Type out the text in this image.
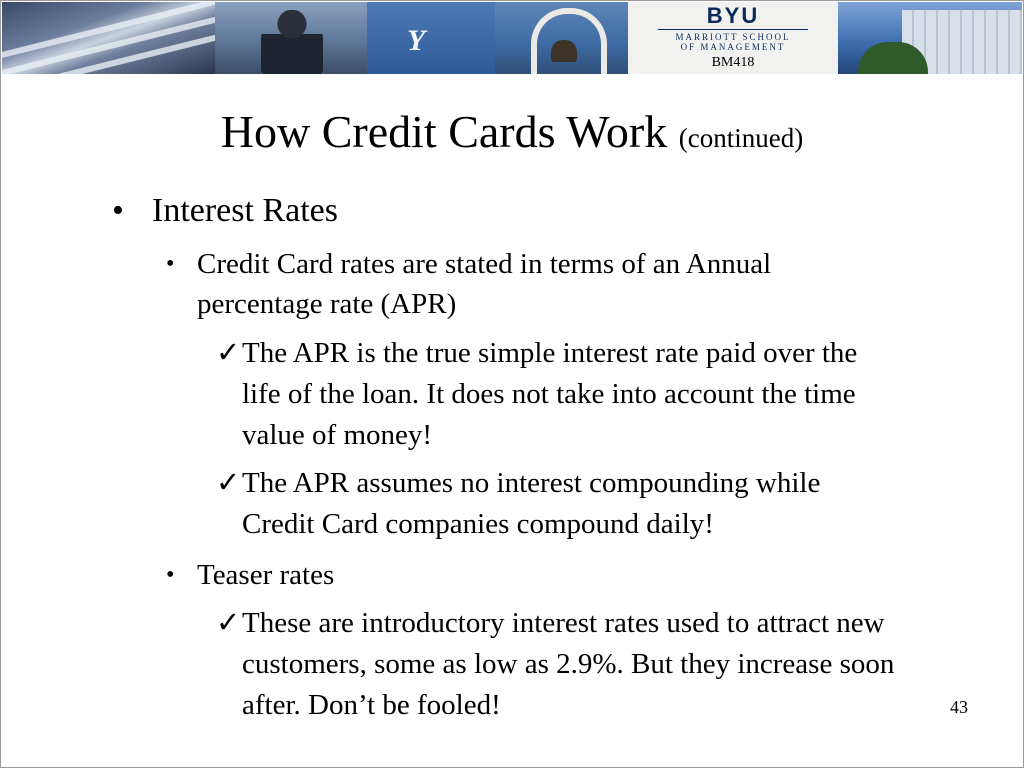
Y
BYU
MARRIOTT SCHOOL
OF MANAGEMENT
BM418
How Credit Cards Work (continued)
• Interest Rates
• Credit Card rates are stated in terms of an Annual percentage rate (APR)
✓ The APR is the true simple interest rate paid over the life of the loan. It does not take into account the time value of money!
✓ The APR assumes no interest compounding while Credit Card companies compound daily!
• Teaser rates
✓ These are introductory interest rates used to attract new customers, some as low as 2.9%. But they increase soon after. Don’t be fooled!	43
